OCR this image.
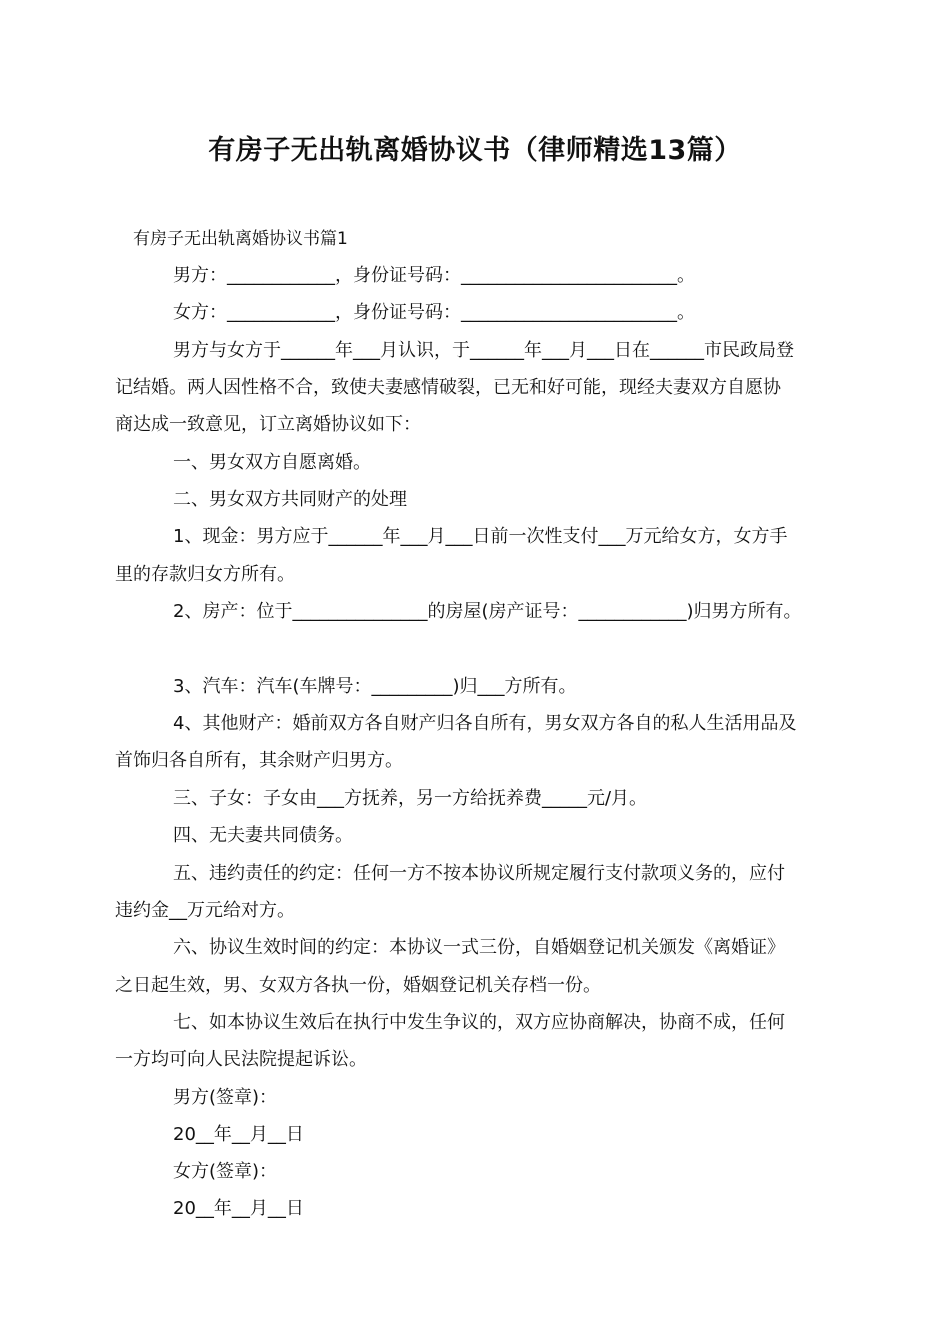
有房子无出轨离婚协议书（律师精选13篇）
有房子无出轨离婚协议书篇1
男方：____________，身份证号码：________________________。
女方：____________，身份证号码：________________________。
男方与女方于______年___月认识，于______年___月___日在______市民政局登
记结婚。两人因性格不合，致使夫妻感情破裂，已无和好可能，现经夫妻双方自愿协
商达成一致意见，订立离婚协议如下：
一、男女双方自愿离婚。
二、男女双方共同财产的处理
1、现金：男方应于______年___月___日前一次性支付___万元给女方，女方手
里的存款归女方所有。
2、房产：位于_______________的房屋(房产证号：____________)归男方所有。
3、汽车：汽车(车牌号：_________)归___方所有。
4、其他财产：婚前双方各自财产归各自所有，男女双方各自的私人生活用品及
首饰归各自所有，其余财产归男方。
三、子女：子女由___方抚养，另一方给抚养费_____元/月。
四、无夫妻共同债务。
五、违约责任的约定：任何一方不按本协议所规定履行支付款项义务的，应付
违约金__万元给对方。
六、协议生效时间的约定：本协议一式三份，自婚姻登记机关颁发《离婚证》
之日起生效，男、女双方各执一份，婚姻登记机关存档一份。
七、如本协议生效后在执行中发生争议的，双方应协商解决，协商不成，任何
一方均可向人民法院提起诉讼。
男方(签章)：
20__年__月__日
女方(签章)：
20__年__月__日
